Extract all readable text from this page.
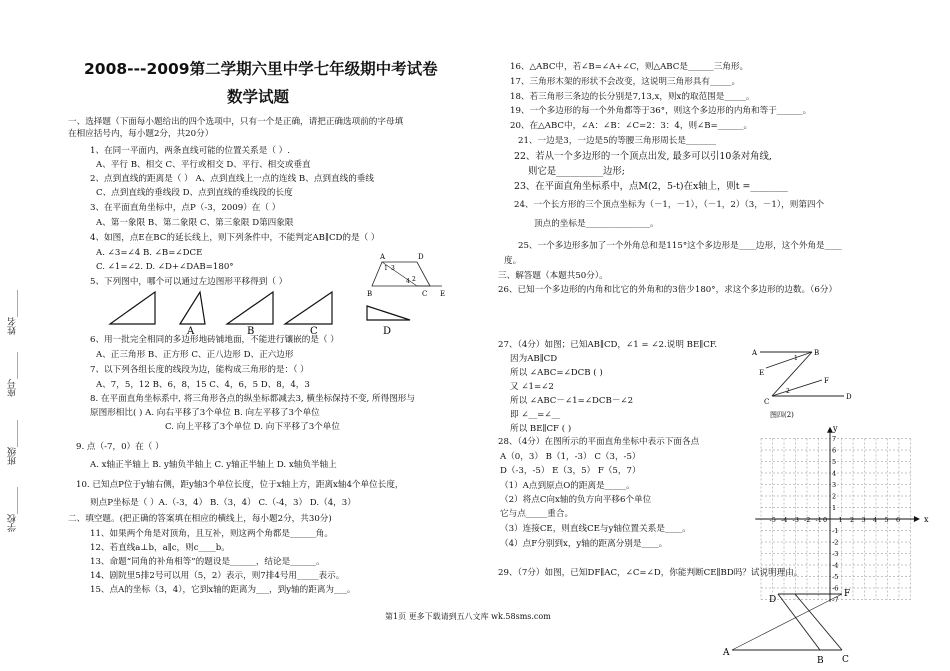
2008---2009第二学期六里中学七年级期中考试卷
数学试题
学校______
班级______
座号______
姓名______
一、选择题（下面每小题给出的四个选项中，只有一个是正确，请把正确选项前的字母填
在相应括号内，每小题2分，共20分）
1、在同一平面内，两条直线可能的位置关系是（ ）.
A、平行 B、相交 C、平行或相交 D、平行、相交或垂直
2、点到直线的距离是（ ） A、点到直线上一点的连线 B、点到直线的垂线
C、点到直线的垂线段 D、点到直线的垂线段的长度
3、在平面直角坐标中，点P（-3，2009）在（ ）
A、第一象限 B、第二象限 C、第三象限 D第四象限
4、如图，点E在BC的延长线上，则下列条件中，不能判定AB∥CD的是（ ）
A. ∠3=∠4 B. ∠B=∠DCE
C. ∠1=∠2. D. ∠D+∠DAB=180°
5、下列图中，哪个可以通过左边图形平移得到（ ）
A	D
1
2
3
4
B	C E
A	B	C	D
6、用一批完全相同的多边形地砖铺地面，不能进行镶嵌的是（ ）
A、正三角形 B、正方形 C、正八边形 D、正六边形
7、以下列各组长度的线段为边，能构成三角形的是：（ ）
A、7，5，12 B、6，8，15 C、4，6，5 D、8，4，3
8. 在平面直角坐标系中, 将三角形各点的纵坐标都减去3, 横坐标保持不变, 所得图形与
原图形相比( ) A. 向右平移了3个单位 B. 向左平移了3个单位
C. 向上平移了3个单位 D. 向下平移了3个单位
9. 点（-7，0）在（ ）
A. x轴正半轴上 B. y轴负半轴上 C. y轴正半轴上 D. x轴负半轴上
10. 已知点P位于y轴右侧，距y轴3个单位长度，位于x轴上方，距离x轴4个单位长度，
则点P坐标是（ ）A.（-3，4） B.（3，4） C.（-4，3） D.（4，3）
二、填空题。(把正确的答案填在相应的横线上，每小题2分，共30分)
11、如果两个角是对顶角，且互补，则这两个角都是______角。
12、若直线a⊥b，a∥c，则c____b。
13、命题“同角的补角相等”的题设是______，结论是______。
14、剧院里5排2号可以用（5，2）表示，则7排4号用_____表示。
15、点A的坐标（3，4），它到x轴的距离为___，到y轴的距离为___。
16、△ABC中，若∠B=∠A+∠C，则△ABC是______三角形。
17、三角形木架的形状不会改变，这说明三角形具有_____。
18、若三角形三条边的长分别是7,13,x，则x的取范围是_____。
19、一个多边形的每一个外角都等于36°，则这个多边形的内角和等于______。
20、在△ABC中，∠A：∠B：∠C=2：3：4，则∠B=______。
21、一边是3，一边是5的等腰三角形周长是_______
22、若从一个多边形的一个顶点出发, 最多可以引10条对角线,
则它是__________边形;
23、在平面直角坐标系中，点M(2，5-t)在x轴上，则t =________
24、一个长方形的三个顶点坐标为（－1，－1），（－1，2）（3，－1），则第四个
顶点的坐标是_______________。
25、一个多边形多加了一个外角总和是115°这个多边形是____边形，这个外角是____
度。
三、解答题（本题共50分）。
26、已知一个多边形的内角和比它的外角和的3倍少180°，求这个多边形的边数。（6分）
27、（4分）如图；已知AB∥CD，∠1 = ∠2.说明 BE∥CF.
因为AB∥CD
所以 ∠ABC=∠DCB ( )
又 ∠1=∠2
所以 ∠ABC－∠1=∠DCB－∠2
即 ∠__=∠__
所以 BE∥CF ( )
A
1
B
E
2
F
C
D
图四(2)
28、（4分）在图所示的平面直角坐标中表示下面各点
A（0，3） B（1，-3） C（3，-5）
D（-3，-5） E（3，5） F（5，7）
（1）A点到原点O的距离是_____。
（2）将点C向x轴的负方向平移6个单位
它与点_____重合。
（3）连接CE，则直线CE与y轴位置关系是____。
（4）点F分别到x，y轴的距离分别是____。
x
y
0
-5 -4 -3 -2 -1	1 2 3 4 5 6
7
6
5
4
3
2
1
-1
-2
-3
-4
-5
-6
-7
29、（7分）如图，已知DF∥AC，∠C=∠D，你能判断CE∥BD吗？试说明理由。
D
F
A
B C
第1页 更多下载请到五八文库 wk.58sms.com
